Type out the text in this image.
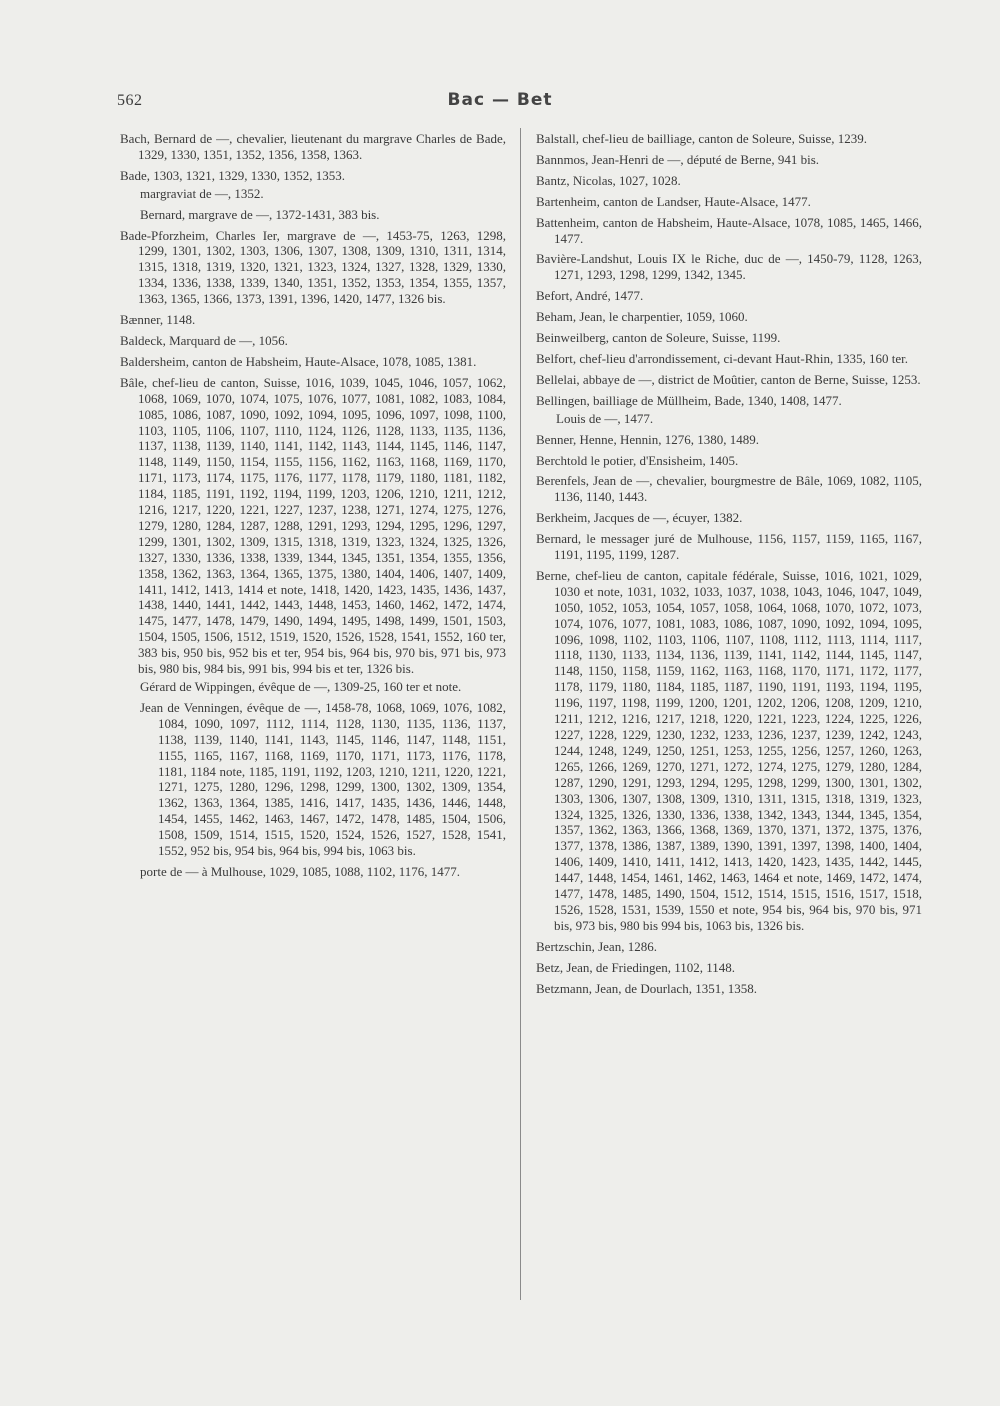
562	Bac — Bet
Bach, Bernard de —, chevalier, lieutenant du margrave Charles de Bade, 1329, 1330, 1351, 1352, 1356, 1358, 1363.
Bade, 1303, 1321, 1329, 1330, 1352, 1353.
margraviat de —, 1352.
Bernard, margrave de —, 1372-1431, 383 bis.
Bade-Pforzheim, Charles Ier, margrave de —, 1453-75, 1263, 1298, 1299, 1301, 1302, 1303, 1306, 1307, 1308, 1309, 1310, 1311, 1314, 1315, 1318, 1319, 1320, 1321, 1323, 1324, 1327, 1328, 1329, 1330, 1334, 1336, 1338, 1339, 1340, 1351, 1352, 1353, 1354, 1355, 1357, 1363, 1365, 1366, 1373, 1391, 1396, 1420, 1477, 1326 bis.
Bænner, 1148.
Baldeck, Marquard de —, 1056.
Baldersheim, canton de Habsheim, Haute-Alsace, 1078, 1085, 1381.
Bâle, chef-lieu de canton, Suisse, 1016, 1039, 1045, 1046, 1057, 1062, 1068, 1069, 1070, 1074, 1075, 1076, 1077, 1081, 1082, 1083, 1084, 1085, 1086, 1087, 1090, 1092, 1094, 1095, 1096, 1097, 1098, 1100, 1103, 1105, 1106, 1107, 1110, 1124, 1126, 1128, 1133, 1135, 1136, 1137, 1138, 1139, 1140, 1141, 1142, 1143, 1144, 1145, 1146, 1147, 1148, 1149, 1150, 1154, 1155, 1156, 1162, 1163, 1168, 1169, 1170, 1171, 1173, 1174, 1175, 1176, 1177, 1178, 1179, 1180, 1181, 1182, 1184, 1185, 1191, 1192, 1194, 1199, 1203, 1206, 1210, 1211, 1212, 1216, 1217, 1220, 1221, 1227, 1237, 1238, 1271, 1274, 1275, 1276, 1279, 1280, 1284, 1287, 1288, 1291, 1293, 1294, 1295, 1296, 1297, 1299, 1301, 1302, 1309, 1315, 1318, 1319, 1323, 1324, 1325, 1326, 1327, 1330, 1336, 1338, 1339, 1344, 1345, 1351, 1354, 1355, 1356, 1358, 1362, 1363, 1364, 1365, 1375, 1380, 1404, 1406, 1407, 1409, 1411, 1412, 1413, 1414 et note, 1418, 1420, 1423, 1435, 1436, 1437, 1438, 1440, 1441, 1442, 1443, 1448, 1453, 1460, 1462, 1472, 1474, 1475, 1477, 1478, 1479, 1490, 1494, 1495, 1498, 1499, 1501, 1503, 1504, 1505, 1506, 1512, 1519, 1520, 1526, 1528, 1541, 1552, 160 ter, 383 bis, 950 bis, 952 bis et ter, 954 bis, 964 bis, 970 bis, 971 bis, 973 bis, 980 bis, 984 bis, 991 bis, 994 bis et ter, 1326 bis.
Gérard de Wippingen, évêque de —, 1309-25, 160 ter et note.
Jean de Venningen, évêque de —, 1458-78, 1068, 1069, 1076, 1082, 1084, 1090, 1097, 1112, 1114, 1128, 1130, 1135, 1136, 1137, 1138, 1139, 1140, 1141, 1143, 1145, 1146, 1147, 1148, 1151, 1155, 1165, 1167, 1168, 1169, 1170, 1171, 1173, 1176, 1178, 1181, 1184 note, 1185, 1191, 1192, 1203, 1210, 1211, 1220, 1221, 1271, 1275, 1280, 1296, 1298, 1299, 1300, 1302, 1309, 1354, 1362, 1363, 1364, 1385, 1416, 1417, 1435, 1436, 1446, 1448, 1454, 1455, 1462, 1463, 1467, 1472, 1478, 1485, 1504, 1506, 1508, 1509, 1514, 1515, 1520, 1524, 1526, 1527, 1528, 1541, 1552, 952 bis, 954 bis, 964 bis, 994 bis, 1063 bis.
porte de — à Mulhouse, 1029, 1085, 1088, 1102, 1176, 1477.
Balstall, chef-lieu de bailliage, canton de Soleure, Suisse, 1239.
Bannmos, Jean-Henri de —, député de Berne, 941 bis.
Bantz, Nicolas, 1027, 1028.
Bartenheim, canton de Landser, Haute-Alsace, 1477.
Battenheim, canton de Habsheim, Haute-Alsace, 1078, 1085, 1465, 1466, 1477.
Bavière-Landshut, Louis IX le Riche, duc de —, 1450-79, 1128, 1263, 1271, 1293, 1298, 1299, 1342, 1345.
Befort, André, 1477.
Beham, Jean, le charpentier, 1059, 1060.
Beinweilberg, canton de Soleure, Suisse, 1199.
Belfort, chef-lieu d'arrondissement, ci-devant Haut-Rhin, 1335, 160 ter.
Bellelai, abbaye de —, district de Moûtier, canton de Berne, Suisse, 1253.
Bellingen, bailliage de Müllheim, Bade, 1340, 1408, 1477.
Louis de —, 1477.
Benner, Henne, Hennin, 1276, 1380, 1489.
Berchtold le potier, d'Ensisheim, 1405.
Berenfels, Jean de —, chevalier, bourgmestre de Bâle, 1069, 1082, 1105, 1136, 1140, 1443.
Berkheim, Jacques de —, écuyer, 1382.
Bernard, le messager juré de Mulhouse, 1156, 1157, 1159, 1165, 1167, 1191, 1195, 1199, 1287.
Berne, chef-lieu de canton, capitale fédérale, Suisse, 1016, 1021, 1029, 1030 et note, 1031, 1032, 1033, 1037, 1038, 1043, 1046, 1047, 1049, 1050, 1052, 1053, 1054, 1057, 1058, 1064, 1068, 1070, 1072, 1073, 1074, 1076, 1077, 1081, 1083, 1086, 1087, 1090, 1092, 1094, 1095, 1096, 1098, 1102, 1103, 1106, 1107, 1108, 1112, 1113, 1114, 1117, 1118, 1130, 1133, 1134, 1136, 1139, 1141, 1142, 1144, 1145, 1147, 1148, 1150, 1158, 1159, 1162, 1163, 1168, 1170, 1171, 1172, 1177, 1178, 1179, 1180, 1184, 1185, 1187, 1190, 1191, 1193, 1194, 1195, 1196, 1197, 1198, 1199, 1200, 1201, 1202, 1206, 1208, 1209, 1210, 1211, 1212, 1216, 1217, 1218, 1220, 1221, 1223, 1224, 1225, 1226, 1227, 1228, 1229, 1230, 1232, 1233, 1236, 1237, 1239, 1242, 1243, 1244, 1248, 1249, 1250, 1251, 1253, 1255, 1256, 1257, 1260, 1263, 1265, 1266, 1269, 1270, 1271, 1272, 1274, 1275, 1279, 1280, 1284, 1287, 1290, 1291, 1293, 1294, 1295, 1298, 1299, 1300, 1301, 1302, 1303, 1306, 1307, 1308, 1309, 1310, 1311, 1315, 1318, 1319, 1323, 1324, 1325, 1326, 1330, 1336, 1338, 1342, 1343, 1344, 1345, 1354, 1357, 1362, 1363, 1366, 1368, 1369, 1370, 1371, 1372, 1375, 1376, 1377, 1378, 1386, 1387, 1389, 1390, 1391, 1397, 1398, 1400, 1404, 1406, 1409, 1410, 1411, 1412, 1413, 1420, 1423, 1435, 1442, 1445, 1447, 1448, 1454, 1461, 1462, 1463, 1464 et note, 1469, 1472, 1474, 1477, 1478, 1485, 1490, 1504, 1512, 1514, 1515, 1516, 1517, 1518, 1526, 1528, 1531, 1539, 1550 et note, 954 bis, 964 bis, 970 bis, 971 bis, 973 bis, 980 bis 994 bis, 1063 bis, 1326 bis.
Bertzschin, Jean, 1286.
Betz, Jean, de Friedingen, 1102, 1148.
Betzmann, Jean, de Dourlach, 1351, 1358.
